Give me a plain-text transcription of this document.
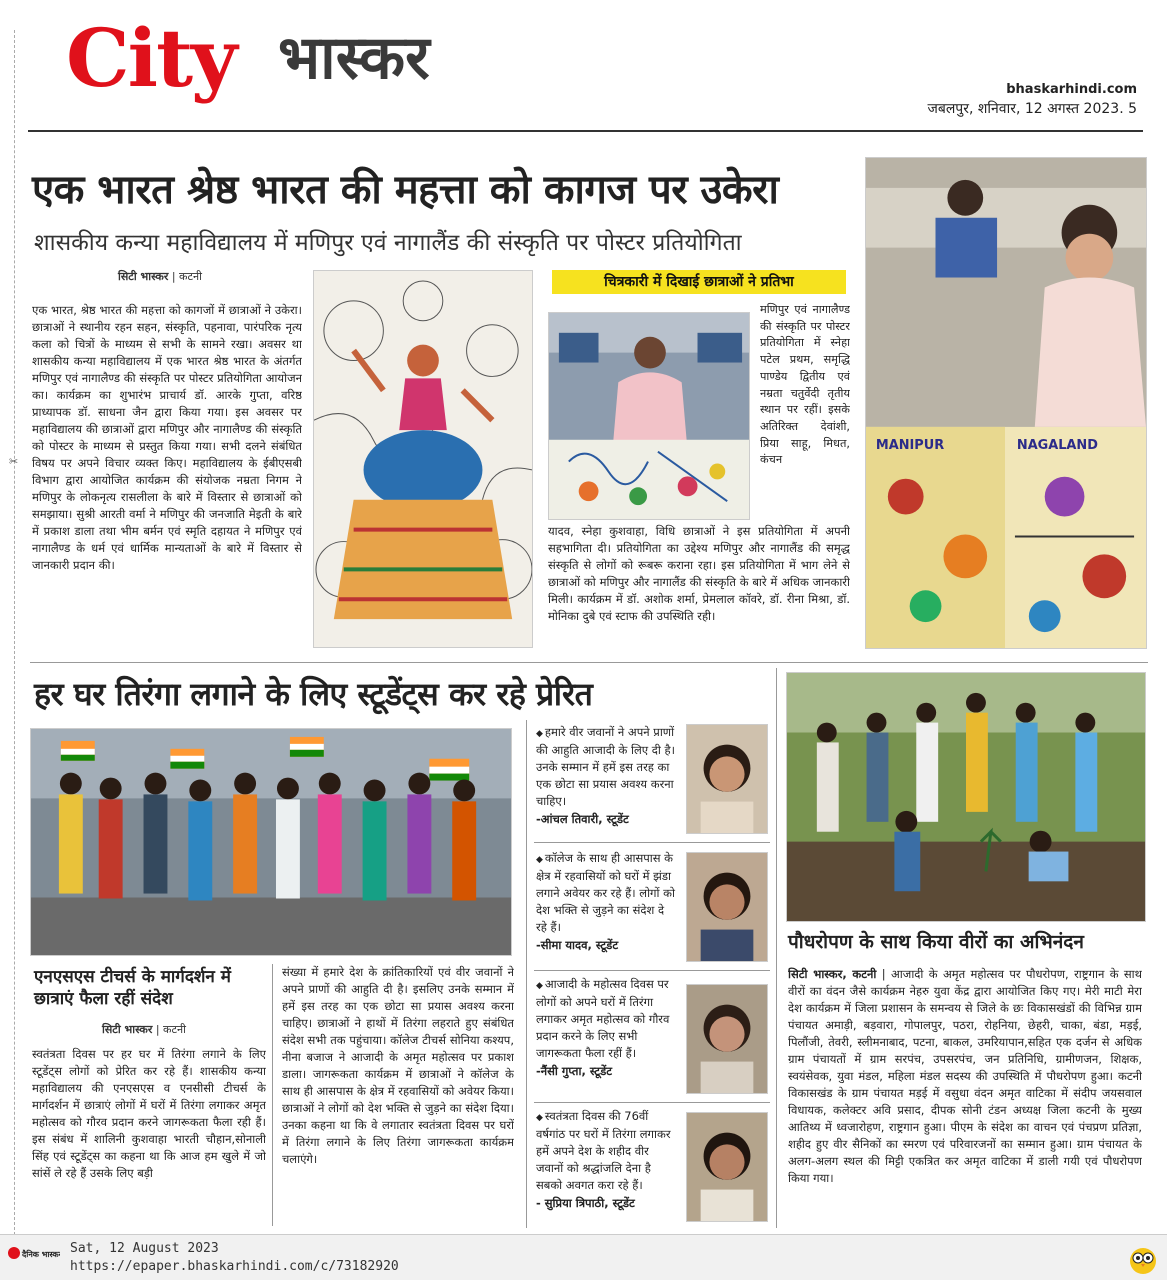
✂
City भास्कर	bhaskarhindi.com
जबलपुर, शनिवार, 12 अगस्त 2023. 5
एक भारत श्रेष्ठ भारत की महत्ता को कागज पर उकेरा
शासकीय कन्या महाविद्यालय में मणिपुर एवं नागालैंड की संस्कृति पर पोस्टर प्रतियोगिता
सिटी भास्कर | कटनी
एक भारत, श्रेष्ठ भारत की महत्ता को कागजों में छात्राओं ने उकेरा। छात्राओं ने स्थानीय रहन सहन, संस्कृति, पहनावा, पारंपरिक नृत्य कला को चित्रों के माध्यम से सभी के सामने रखा। अवसर था शासकीय कन्या महाविद्यालय में एक भारत श्रेष्ठ भारत के अंतर्गत मणिपुर एवं नागालैण्ड की संस्कृति पर पोस्टर प्रतियोगिता आयोजन का। कार्यक्रम का शुभारंभ प्राचार्य डॉ. आरके गुप्ता, वरिष्ठ प्राध्यापक डॉ. साधना जैन द्वारा किया गया। इस अवसर पर महाविद्यालय की छात्राओं द्वारा मणिपुर और नागालैण्ड की संस्कृति को पोस्टर के माध्यम से प्रस्तुत किया गया। सभी दलने संबंधित विषय पर अपने विचार व्यक्त किए। महाविद्यालय के ईबीएसबी विभाग द्वारा आयोजित कार्यक्रम की संयोजक नम्रता निगम ने मणिपुर के लोकनृत्य रासलीला के बारे में विस्तार से छात्राओं को समझाया। सुश्री आरती वर्मा ने मणिपुर की जनजाति मेइती के बारे में प्रकाश डाला तथा भीम बर्मन एवं स्मृति दहायत ने मणिपुर एवं नागालैण्ड के धर्म एवं धार्मिक मान्यताओं के बारे में विस्तार से जानकारी प्रदान की।
चित्रकारी में दिखाई छात्राओं ने प्रतिभा
मणिपुर एवं नागालैण्ड की संस्कृति पर पोस्टर प्रतियोगिता में स्नेहा पटेल प्रथम, समृद्धि पाण्डेय द्वितीय एवं नम्रता चतुर्वेदी तृतीय स्थान पर रहीं। इसके अतिरिक्त देवांशी, प्रिया साहू, मिधत, कंचन
यादव, स्नेहा कुशवाहा, विधि छात्राओं ने इस प्रतियोगिता में अपनी सहभागिता दी। प्रतियोगिता का उद्देश्य मणिपुर और नागालैंड की समृद्ध संस्कृति से लोगों को रूबरू कराना रहा। इस प्रतियोगिता में भाग लेने से छात्राओं को मणिपुर और नागालैंड की संस्कृति के बारे में अधिक जानकारी मिली। कार्यक्रम में डॉ. अशोक शर्मा, प्रेमलाल कॉवरे, डॉ. रीना मिश्रा, डॉ. मोनिका दुबे एवं स्टाफ की उपस्थिति रही।
MANIPUR	NAGALAND
हर घर तिरंगा लगाने के लिए स्टूडेंट्स कर रहे प्रेरित
एनएसएस टीचर्स के मार्गदर्शन में छात्राएं फैला रहीं संदेश
सिटी भास्कर | कटनी
स्वतंत्रता दिवस पर हर घर में तिरंगा लगाने के लिए स्टूडेंट्स लोगों को प्रेरित कर रहे हैं। शासकीय कन्या महाविद्यालय की एनएसएस व एनसीसी टीचर्स के मार्गदर्शन में छात्राएं लोगों में घरों में तिरंगा लगाकर अमृत महोत्सव को गौरव प्रदान करने जागरूकता फैला रही हैं। इस संबंध में शालिनी कुशवाहा भारती चौहान,सोनाली सिंह एवं स्टूडेंट्स का कहना था कि आज हम खुले में जो सांसें ले रहे हैं उसके लिए बड़ी
संख्या में हमारे देश के क्रांतिकारियों एवं वीर जवानों ने अपने प्राणों की आहुति दी है। इसलिए उनके सम्मान में हमें इस तरह का एक छोटा सा प्रयास अवश्य करना चाहिए। छात्राओं ने हाथों में तिरंगा लहराते हुए संबंधित संदेश सभी तक पहुंचाया। कॉलेज टीचर्स सोनिया कश्यप, नीना बजाज ने आजादी के अमृत महोत्सव पर प्रकाश डाला। जागरूकता कार्यक्रम में छात्राओं ने कॉलेज के साथ ही आसपास के क्षेत्र में रहवासियों को अवेयर किया। छात्राओं ने लोगों को देश भक्ति से जुड़ने का संदेश दिया। उनका कहना था कि वे लगातार स्वतंत्रता दिवस पर घरों में तिरंगा लगाने के लिए तिरंगा जागरूकता कार्यक्रम चलाएंगे।
◆ हमारे वीर जवानों ने अपने प्राणों की आहुति आजादी के लिए दी है। उनके सम्मान में हमें इस तरह का एक छोटा सा प्रयास अवश्य करना चाहिए।
-आंचल तिवारी, स्टूडेंट
◆ कॉलेज के साथ ही आसपास के क्षेत्र में रहवासियों को घरों में झंडा लगाने अवेयर कर रहे हैं। लोगों को देश भक्ति से जुड़ने का संदेश दे रहे हैं।
-सीमा यादव, स्टूडेंट
◆ आजादी के महोत्सव दिवस पर लोगों को अपने घरों में तिरंगा लगाकर अमृत महोत्सव को गौरव प्रदान करने के लिए सभी जागरूकता फैला रहीं हैं।
-नैंसी गुप्ता, स्टूडेंट
◆ स्वतंत्रता दिवस की 76वीं वर्षगांठ पर घरों में तिरंगा लगाकर हमें अपने देश के शहीद वीर जवानों को श्रद्धांजलि देना है सबको अवगत करा रहे हैं।
- सुप्रिया त्रिपाठी, स्टूडेंट
पौधरोपण के साथ किया वीरों का अभिनंदन
सिटी भास्कर, कटनी | आजादी के अमृत महोत्सव पर पौधरोपण, राष्ट्रगान के साथ वीरों का वंदन जैसे कार्यक्रम नेहरु युवा केंद्र द्वारा आयोजित किए गए। मेरी माटी मेरा देश कार्यक्रम में जिला प्रशासन के समन्वय से जिले के छः विकासखंडों की विभिन्न ग्राम पंचायत अमाड़ी, बड़वारा, गोपालपुर, पठरा, रोहनिया, छेहरी, चाका, बंडा, मड़ई, पिलौंजी, तेवरी, स्लीमनाबाद, पटना, बाकल, उमरियापान,सहित एक दर्जन से अधिक ग्राम पंचायतों में ग्राम सरपंच, उपसरपंच, जन प्रतिनिधि, ग्रामीणजन, शिक्षक, स्वयंसेवक, युवा मंडल, महिला मंडल सदस्य की उपस्थिति में पौधरोपण हुआ। कटनी विकासखंड के ग्राम पंचायत मड़ई में वसुधा वंदन अमृत वाटिका में संदीप जयसवाल विधायक, कलेक्टर अवि प्रसाद, दीपक सोनी टंडन अध्यक्ष जिला कटनी के मुख्य आतिथ्य में ध्वजारोहण, राष्ट्रगान हुआ। पीएम के संदेश का वाचन एवं पंचप्रण प्रतिज्ञा, शहीद हुए वीर सैनिकों का स्मरण एवं परिवारजनों का सम्मान हुआ। ग्राम पंचायत के अलग-अलग स्थल की मिट्टी एकत्रित कर अमृत वाटिका में डाली गयी एवं पौधरोपण किया गया।
दैनिक भास्कर Sat, 12 August 2023
https://epaper.bhaskarhindi.com/c/73182920
